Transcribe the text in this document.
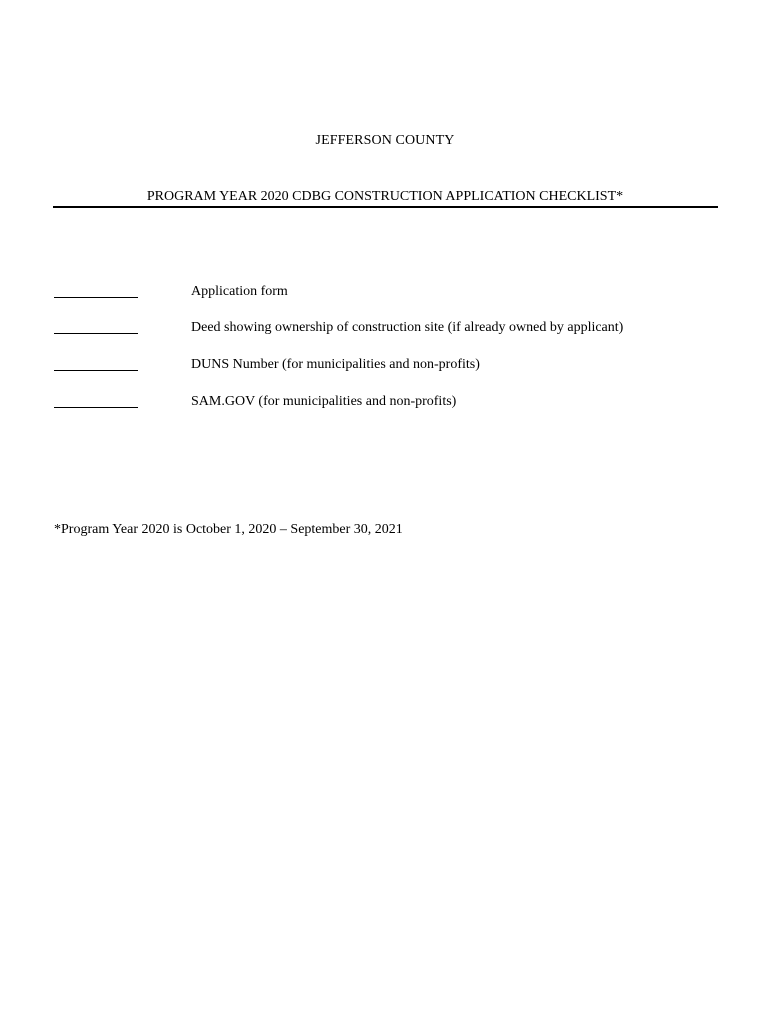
JEFFERSON COUNTY
PROGRAM YEAR 2020 CDBG CONSTRUCTION APPLICATION CHECKLIST*
Application form
Deed showing ownership of construction site (if already owned by applicant)
DUNS Number (for municipalities and non-profits)
SAM.GOV (for municipalities and non-profits)
*Program Year 2020 is October 1, 2020 – September 30, 2021
